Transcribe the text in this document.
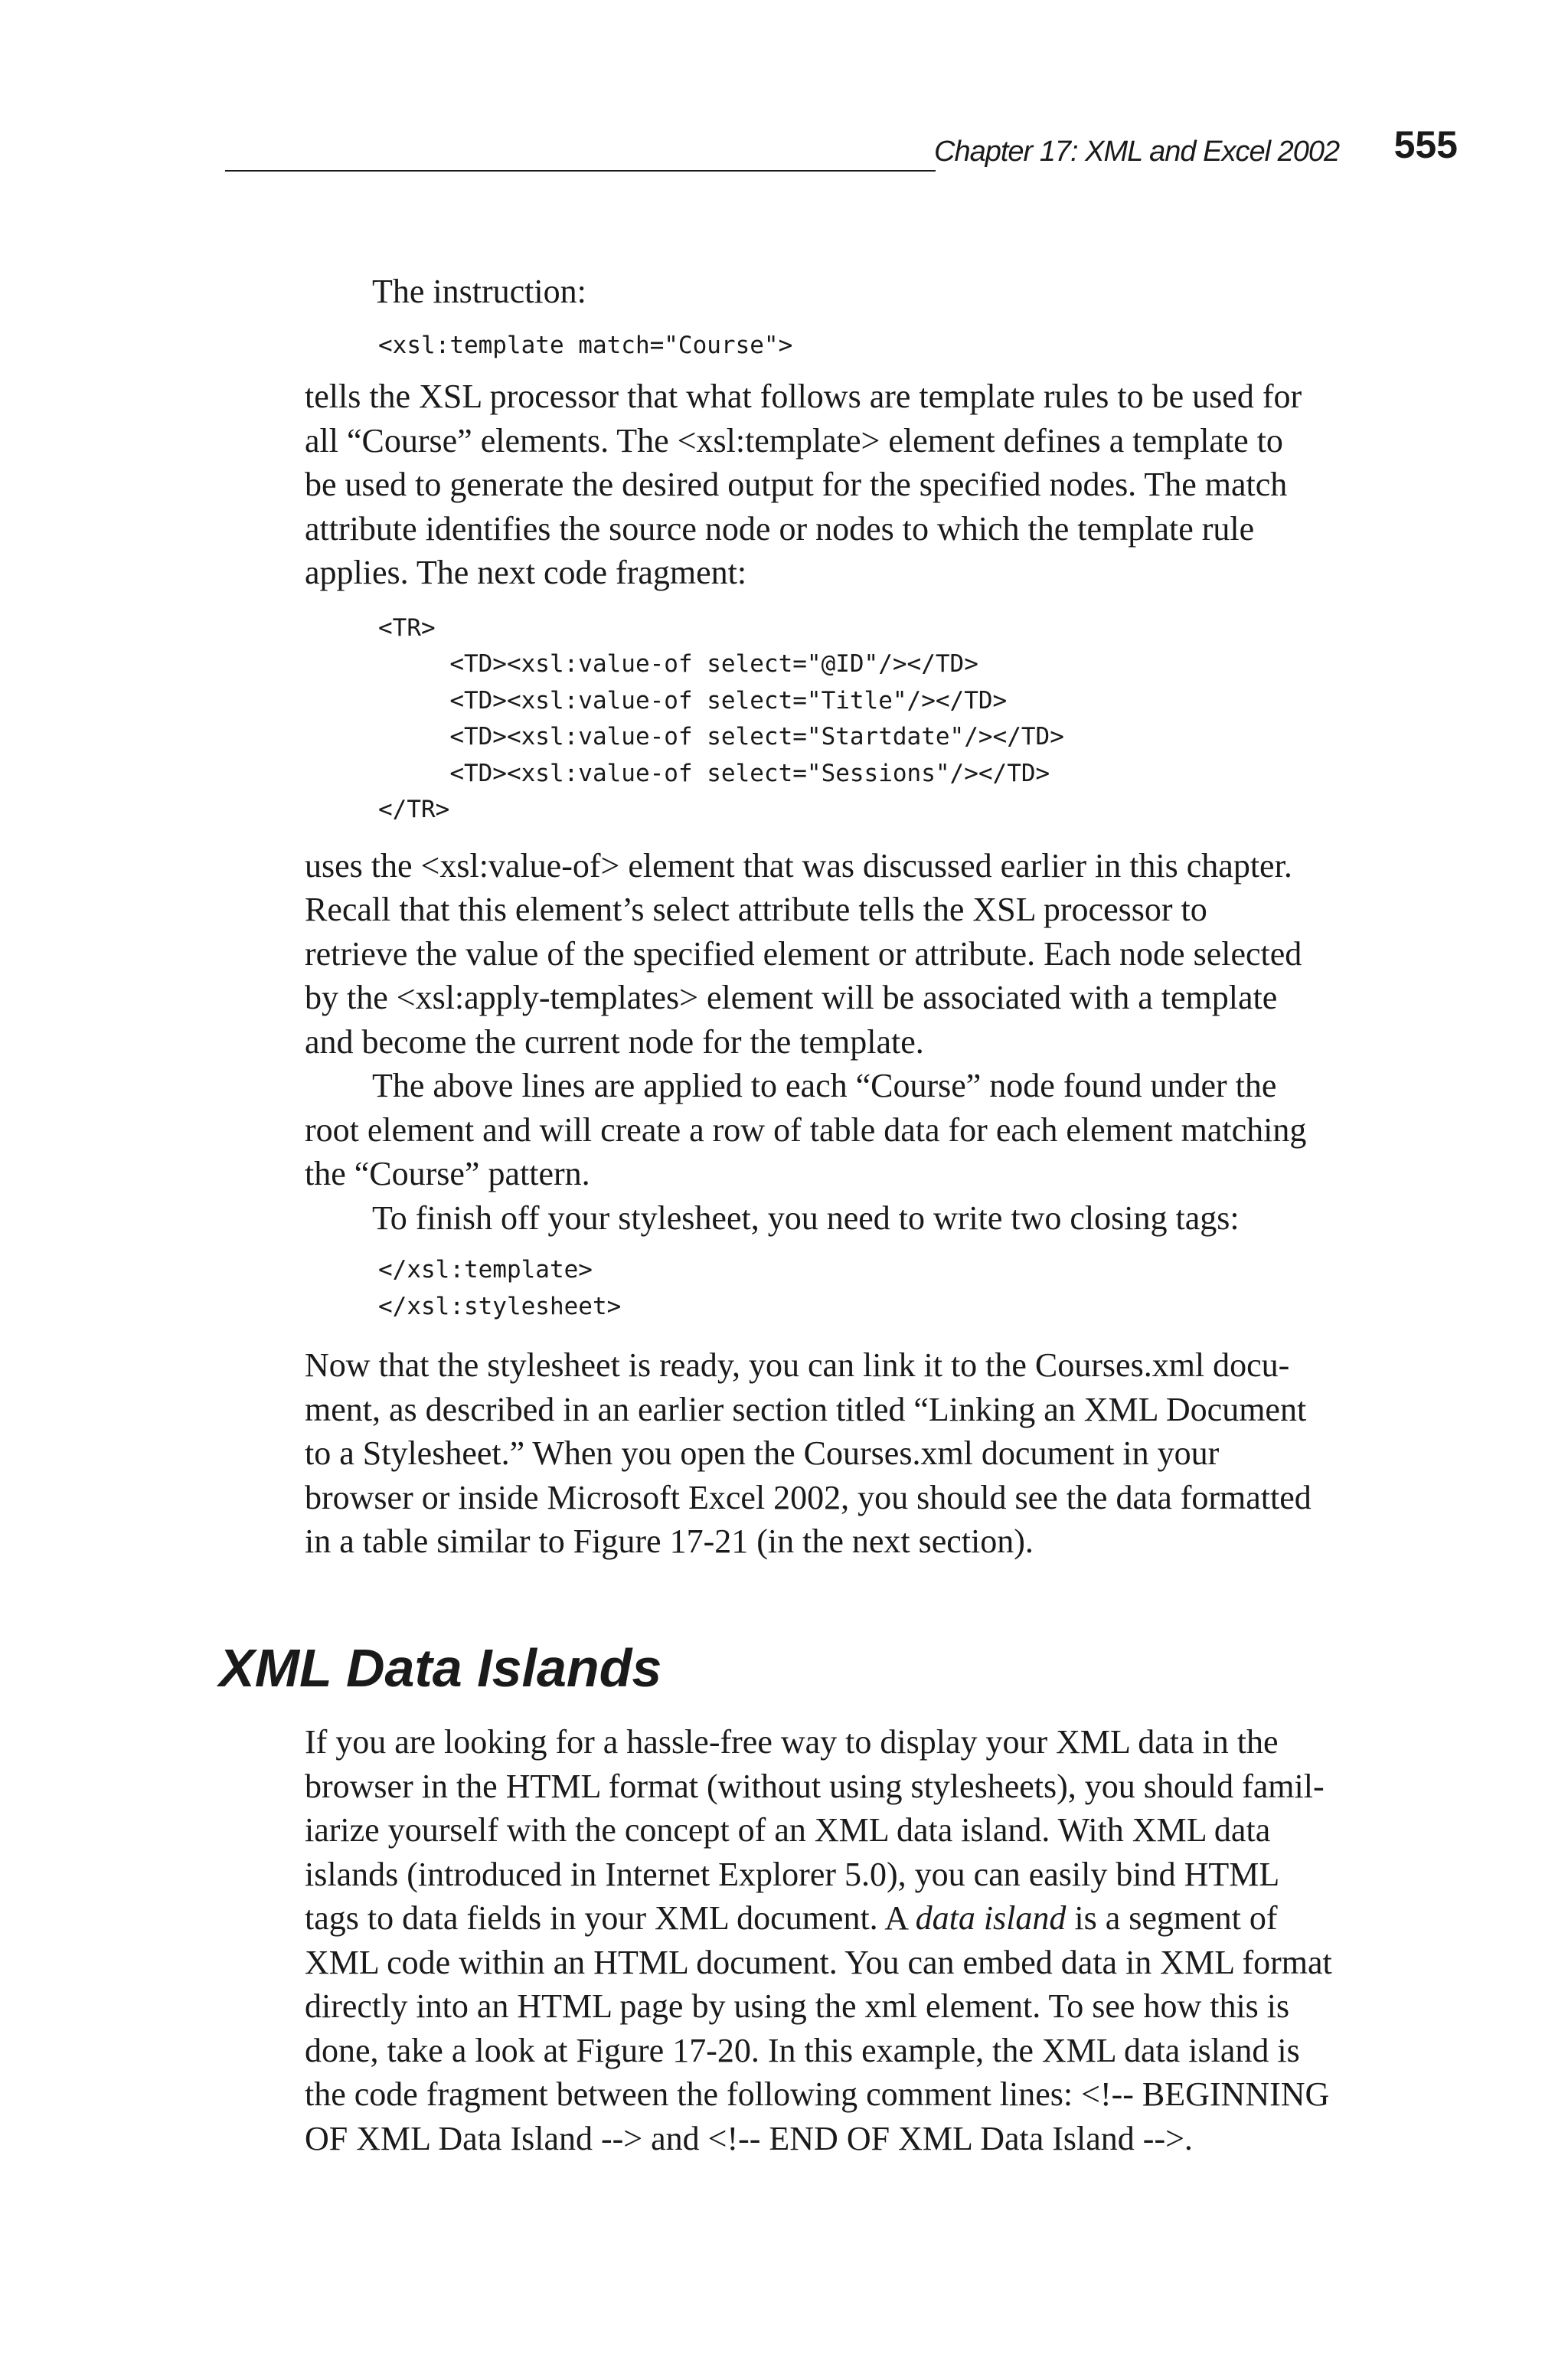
Chapter 17: XML and Excel 2002 555

The instruction:

<xsl:template match="Course">

tells the XSL processor that what follows are template rules to be used for

all “Course” elements. The <xsl:template> element defines a template to

be used to generate the desired output for the specified nodes. The match

attribute identifies the source node or nodes to which the template rule

applies. The next code fragment:

<TR>
<TD><xsl:value-of select="@ID"/></TD>
<TD><xsl:value-of select="Title"/></TD>
<TD><xsl:value-of select="Startdate"/></TD>
<TD><xsl:value-of select="Sessions"/></TD>
</TR>

uses the <xsl:value-of> element that was discussed earlier in this chapter.

Recall that this element’s select attribute tells the XSL processor to

retrieve the value of the specified element or attribute. Each node selected

by the <xsl:apply-templates> element will be associated with a template

and become the current node for the template.

The above lines are applied to each “Course” node found under the

root element and will create a row of table data for each element matching

the “Course” pattern.

To finish off your stylesheet, you need to write two closing tags:

</xsl:template>
</xsl:stylesheet>

Now that the stylesheet is ready, you can link it to the Courses.xml docu-

ment, as described in an earlier section titled “Linking an XML Document

to a Stylesheet.” When you open the Courses.xml document in your

browser or inside Microsoft Excel 2002, you should see the data formatted

in a table similar to Figure 17-21 (in the next section).

XML Data Islands

If you are looking for a hassle-free way to display your XML data in the

browser in the HTML format (without using stylesheets), you should famil-

iarize yourself with the concept of an XML data island. With XML data

islands (introduced in Internet Explorer 5.0), you can easily bind HTML

tags to data fields in your XML document. A data island is a segment of

XML code within an HTML document. You can embed data in XML format

directly into an HTML page by using the xml element. To see how this is

done, take a look at Figure 17-20. In this example, the XML data island is

the code fragment between the following comment lines: <!-- BEGINNING

OF XML Data Island --> and <!-- END OF XML Data Island -->.
